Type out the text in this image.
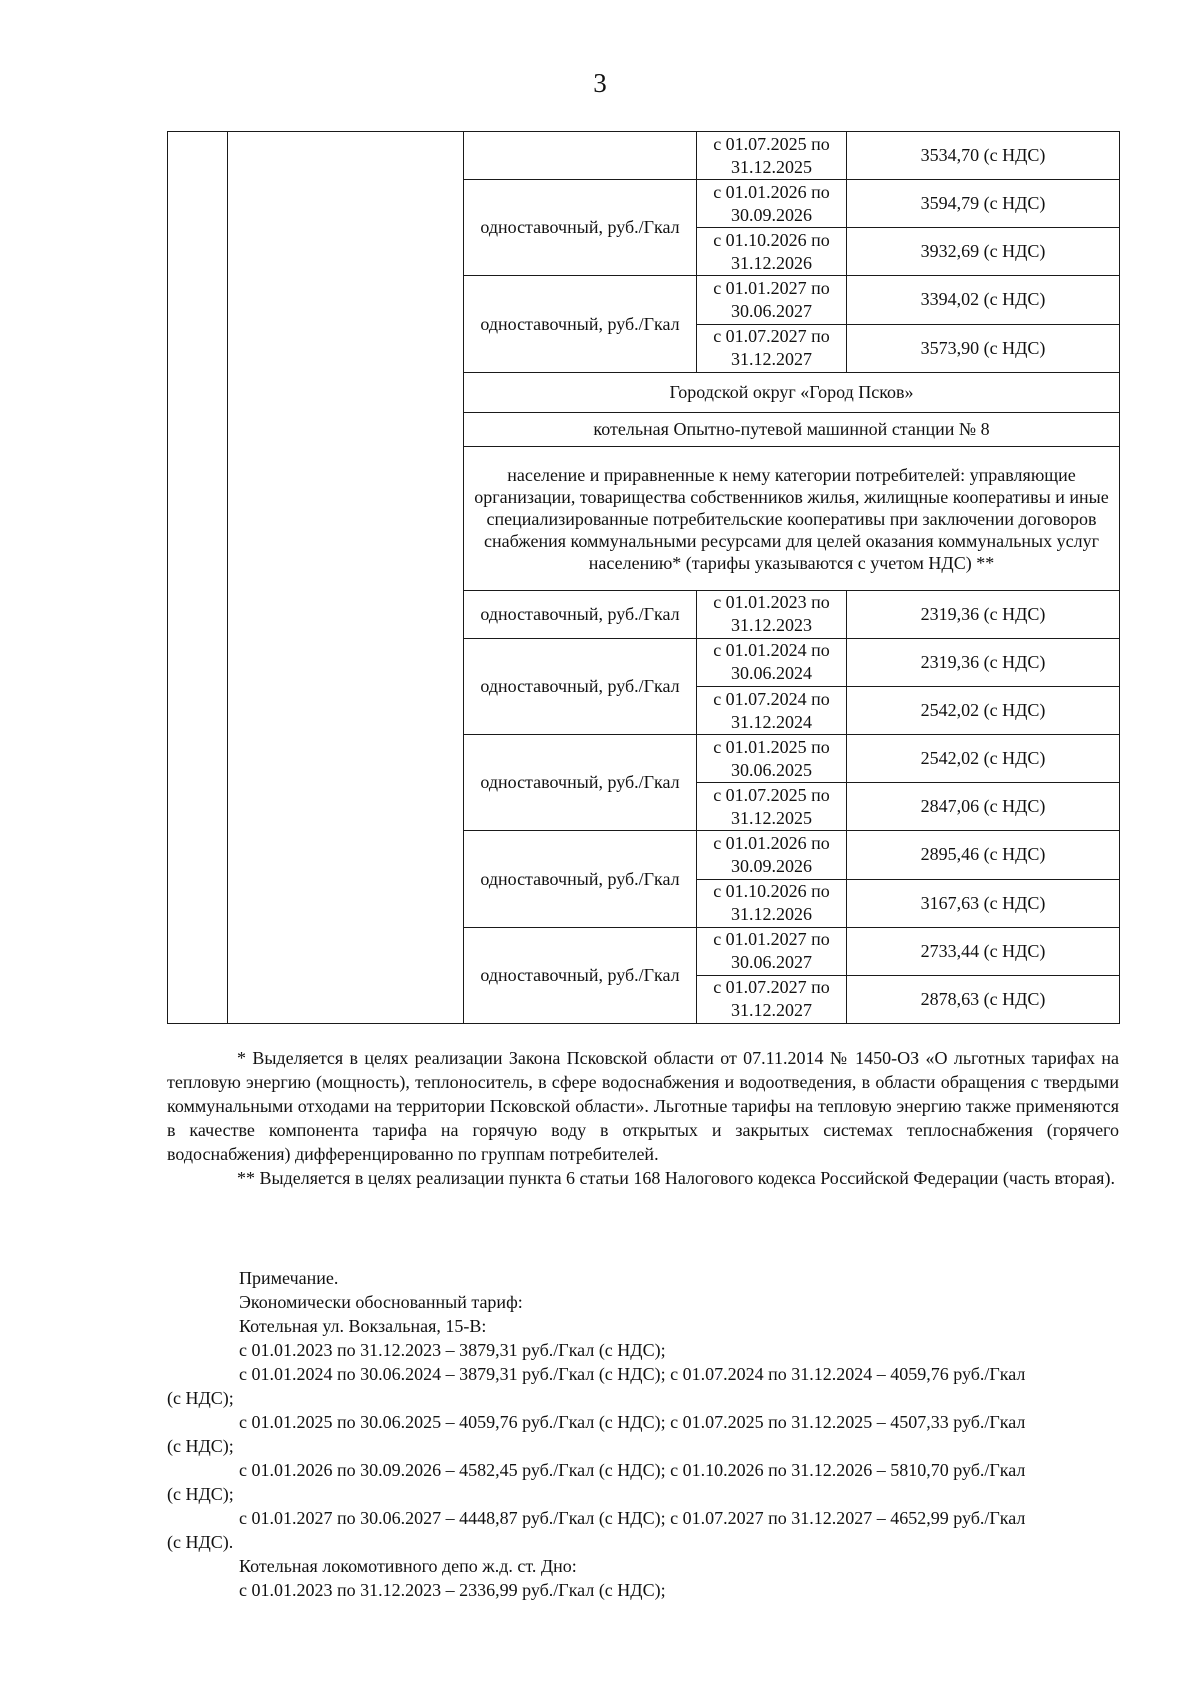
3
			с 01.07.2025 по 31.12.2025	3534,70 (с НДС)
		одноставочный, руб./Гкал	с 01.01.2026 по 30.09.2026	3594,79 (с НДС)
			с 01.10.2026 по 31.12.2026	3932,69 (с НДС)
		одноставочный, руб./Гкал	с 01.01.2027 по 30.06.2027	3394,02 (с НДС)
			с 01.07.2027 по 31.12.2027	3573,90 (с НДС)
		Городской округ «Город Псков»		
		котельная Опытно-путевой машинной станции № 8		
		население и приравненные к нему категории потребителей: управляющие организации, товарищества собственников жилья, жилищные кооперативы и иные специализированные потребительские кооперативы при заключении договоров снабжения коммунальными ресурсами для целей оказания коммунальных услуг населению* (тарифы указываются с учетом НДС) **		
		одноставочный, руб./Гкал	с 01.01.2023 по 31.12.2023	2319,36 (с НДС)
		одноставочный, руб./Гкал	с 01.01.2024 по 30.06.2024	2319,36 (с НДС)
			с 01.07.2024 по 31.12.2024	2542,02 (с НДС)
		одноставочный, руб./Гкал	с 01.01.2025 по 30.06.2025	2542,02 (с НДС)
			с 01.07.2025 по 31.12.2025	2847,06 (с НДС)
		одноставочный, руб./Гкал	с 01.01.2026 по 30.09.2026	2895,46 (с НДС)
			с 01.10.2026 по 31.12.2026	3167,63 (с НДС)
		одноставочный, руб./Гкал	с 01.01.2027 по 30.06.2027	2733,44 (с НДС)
			с 01.07.2027 по 31.12.2027	2878,63 (с НДС)

* Выделяется в целях реализации Закона Псковской области от 07.11.2014 № 1450-ОЗ «О льготных тарифах на тепловую энергию (мощность), теплоноситель, в сфере водоснабжения и водоотведения, в области обращения с твердыми коммунальными отходами на территории Псковской области». Льготные тарифы на тепловую энергию также применяются в качестве компонента тарифа на горячую воду в открытых и закрытых системах теплоснабжения (горячего водоснабжения) дифференцированно по группам потребителей.

** Выделяется в целях реализации пункта 6 статьи 168 Налогового кодекса Российской Федерации (часть вторая).

Примечание.
Экономически обоснованный тариф:
Котельная ул. Вокзальная, 15-В:
с 01.01.2023 по 31.12.2023 – 3879,31 руб./Гкал (с НДС);
с 01.01.2024 по 30.06.2024 – 3879,31 руб./Гкал (с НДС); с 01.07.2024 по 31.12.2024 – 4059,76 руб./Гкал
(с НДС);
с 01.01.2025 по 30.06.2025 – 4059,76 руб./Гкал (с НДС); с 01.07.2025 по 31.12.2025 – 4507,33 руб./Гкал
(с НДС);
с 01.01.2026 по 30.09.2026 – 4582,45 руб./Гкал (с НДС); с 01.10.2026 по 31.12.2026 – 5810,70 руб./Гкал
(с НДС);
с 01.01.2027 по 30.06.2027 – 4448,87 руб./Гкал (с НДС); с 01.07.2027 по 31.12.2027 – 4652,99 руб./Гкал
(с НДС).
Котельная локомотивного депо ж.д. ст. Дно:
с 01.01.2023 по 31.12.2023 – 2336,99 руб./Гкал (с НДС);
